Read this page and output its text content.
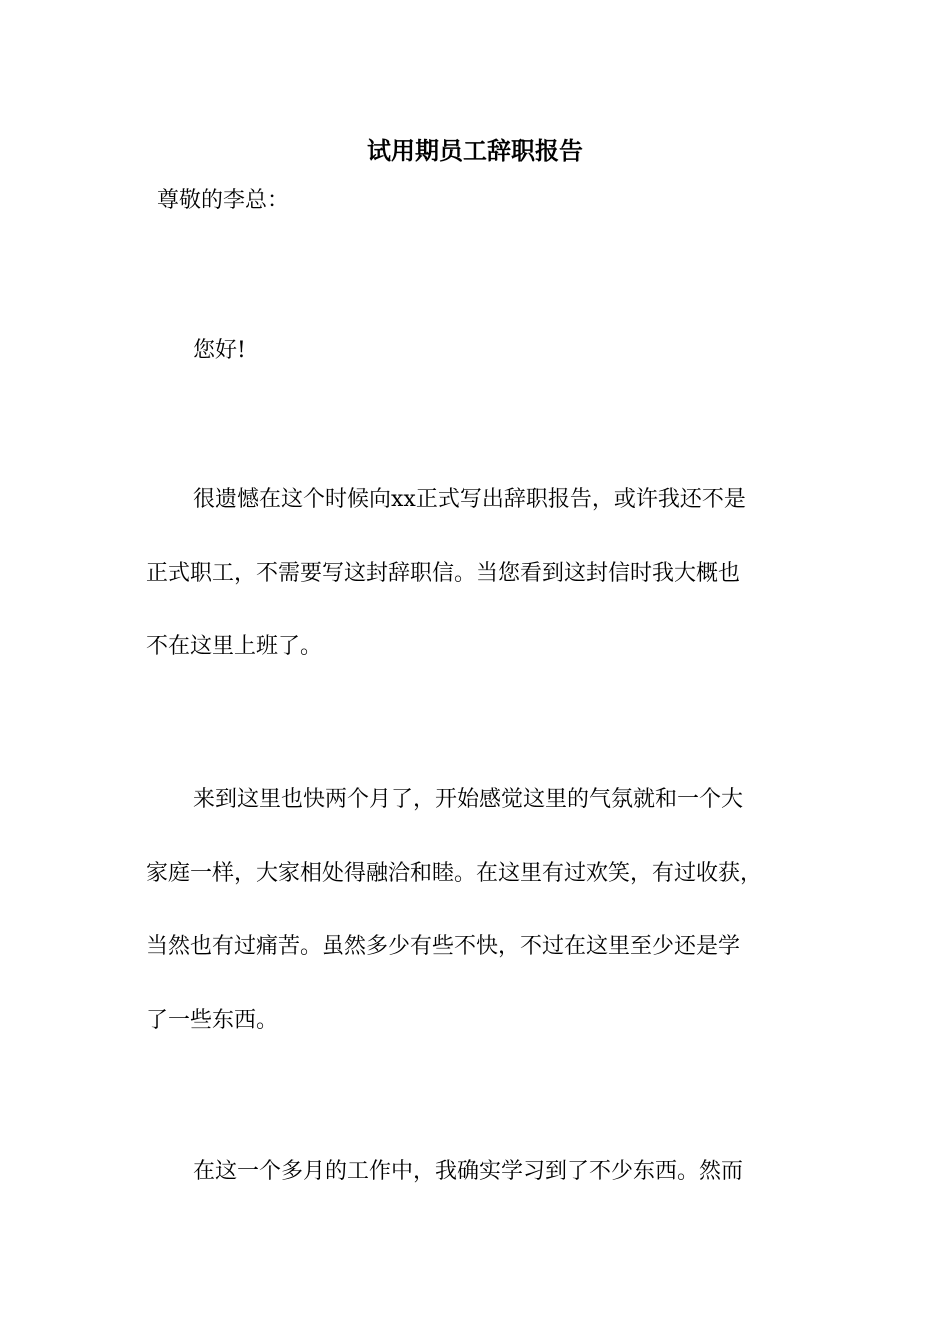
试用期员工辞职报告

尊敬的李总：

您好!

很遗憾在这个时候向xx正式写出辞职报告，或许我还不是
正式职工，不需要写这封辞职信。当您看到这封信时我大概也
不在这里上班了。

来到这里也快两个月了，开始感觉这里的气氛就和一个大
家庭一样，大家相处得融洽和睦。在这里有过欢笑，有过收获，
当然也有过痛苦。虽然多少有些不快，不过在这里至少还是学
了一些东西。

在这一个多月的工作中，我确实学习到了不少东西。然而
